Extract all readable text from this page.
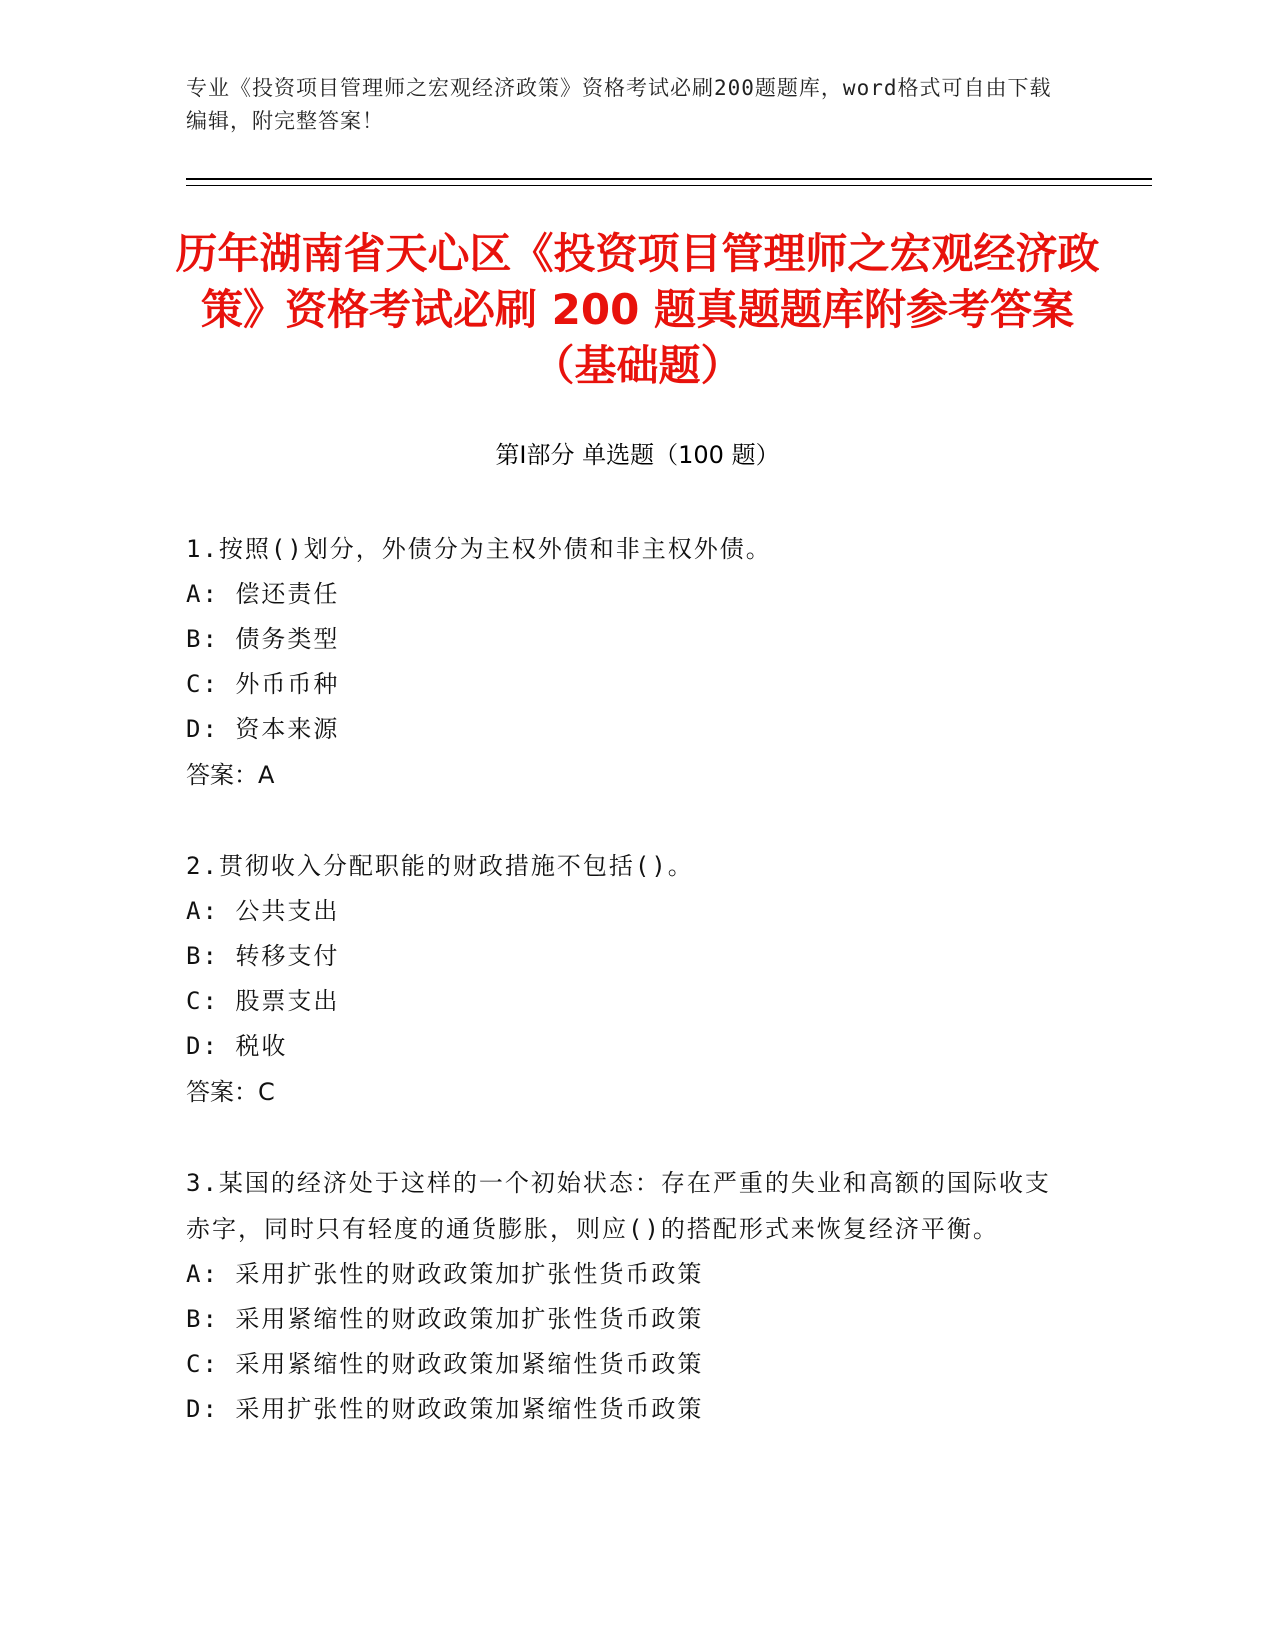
专业《投资项目管理师之宏观经济政策》资格考试必刷200题题库，word格式可自由下载编辑，附完整答案！
历年湖南省天心区《投资项目管理师之宏观经济政策》资格考试必刷 200 题真题题库附参考答案（基础题）
第Ⅰ部分 单选题（100 题）
1.按照()划分，外债分为主权外债和非主权外债。
A: 偿还责任
B: 债务类型
C: 外币币种
D: 资本来源
答案：A
2.贯彻收入分配职能的财政措施不包括()。
A: 公共支出
B: 转移支付
C: 股票支出
D: 税收
答案：C
3.某国的经济处于这样的一个初始状态：存在严重的失业和高额的国际收支赤字，同时只有轻度的通货膨胀，则应()的搭配形式来恢复经济平衡。
A: 采用扩张性的财政政策加扩张性货币政策
B: 采用紧缩性的财政政策加扩张性货币政策
C: 采用紧缩性的财政政策加紧缩性货币政策
D: 采用扩张性的财政政策加紧缩性货币政策
